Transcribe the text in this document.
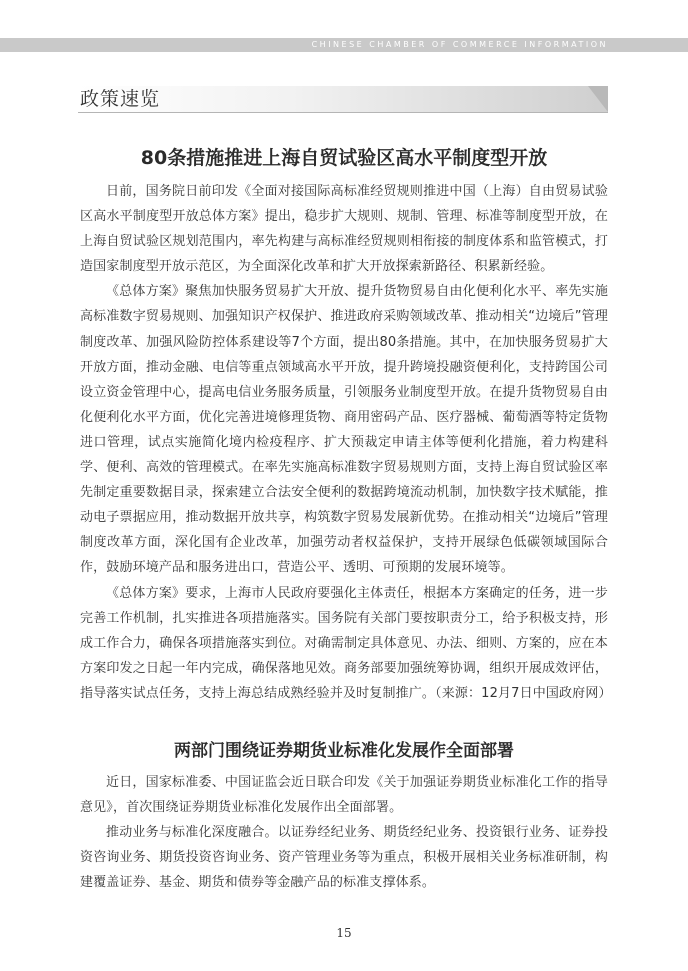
CHINESE CHAMBER OF COMMERCE INFORMATION
政策速览
80条措施推进上海自贸试验区高水平制度型开放

日前，国务院日前印发《全面对接国际高标准经贸规则推进中国（上海）自由贸易试验区高水平制度型开放总体方案》提出，稳步扩大规则、规制、管理、标准等制度型开放，在上海自贸试验区规划范围内，率先构建与高标准经贸规则相衔接的制度体系和监管模式，打造国家制度型开放示范区，为全面深化改革和扩大开放探索新路径、积累新经验。

《总体方案》聚焦加快服务贸易扩大开放、提升货物贸易自由化便利化水平、率先实施高标准数字贸易规则、加强知识产权保护、推进政府采购领域改革、推动相关“边境后”管理制度改革、加强风险防控体系建设等7个方面，提出80条措施。其中，在加快服务贸易扩大开放方面，推动金融、电信等重点领域高水平开放，提升跨境投融资便利化，支持跨国公司设立资金管理中心，提高电信业务服务质量，引领服务业制度型开放。在提升货物贸易自由化便利化水平方面，优化完善进境修理货物、商用密码产品、医疗器械、葡萄酒等特定货物进口管理，试点实施简化境内检疫程序、扩大预裁定申请主体等便利化措施，着力构建科学、便利、高效的管理模式。在率先实施高标准数字贸易规则方面，支持上海自贸试验区率先制定重要数据目录，探索建立合法安全便利的数据跨境流动机制，加快数字技术赋能，推动电子票据应用，推动数据开放共享，构筑数字贸易发展新优势。在推动相关“边境后”管理制度改革方面，深化国有企业改革，加强劳动者权益保护，支持开展绿色低碳领域国际合作，鼓励环境产品和服务进出口，营造公平、透明、可预期的发展环境等。

《总体方案》要求，上海市人民政府要强化主体责任，根据本方案确定的任务，进一步完善工作机制，扎实推进各项措施落实。国务院有关部门要按职责分工，给予积极支持，形成工作合力，确保各项措施落实到位。对确需制定具体意见、办法、细则、方案的，应在本方案印发之日起一年内完成，确保落地见效。商务部要加强统筹协调，组织开展成效评估，指导落实试点任务，支持上海总结成熟经验并及时复制推广。（来源：12月7日中国政府网）

两部门围绕证券期货业标准化发展作全面部署

近日，国家标准委、中国证监会近日联合印发《关于加强证券期货业标准化工作的指导意见》，首次围绕证券期货业标准化发展作出全面部署。

推动业务与标准化深度融合。以证券经纪业务、期货经纪业务、投资银行业务、证券投资咨询业务、期货投资咨询业务、资产管理业务等为重点，积极开展相关业务标准研制，构建覆盖证券、基金、期货和债券等金融产品的标准支撑体系。

15
